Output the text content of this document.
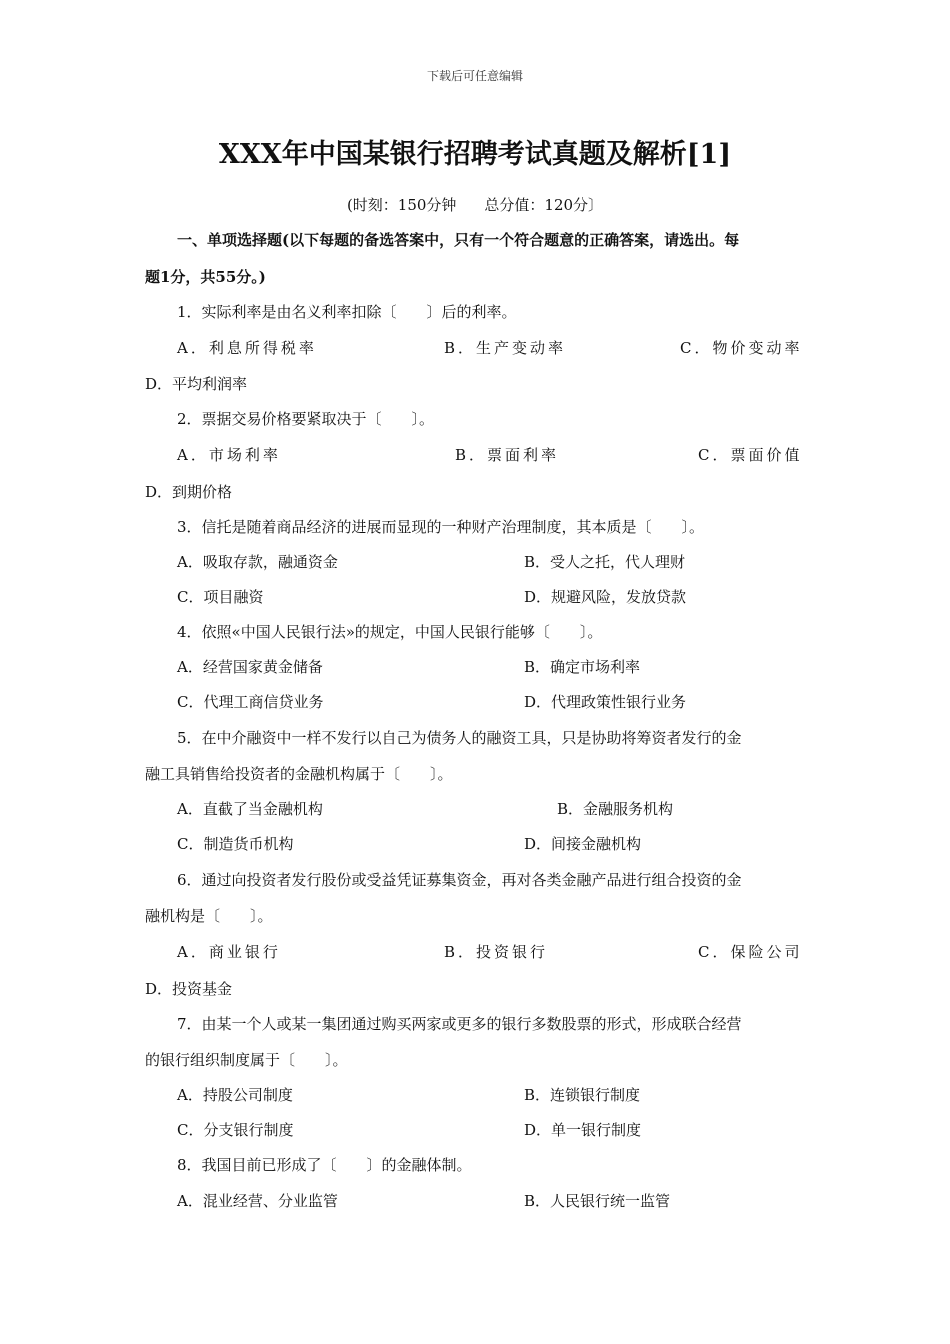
下载后可任意编辑
XXX年中国某银行招聘考试真题及解析[1]
(时刻：150分钟 总分值：120分〕
一、单项选择题(以下每题的备选答案中，只有一个符合题意的正确答案，请选出。每
题1分，共55分。)
1．实际利率是由名义利率扣除〔　　〕后的利率。
A．利息所得税率	B．生产变动率	C．物价变动率
D．平均利润率
2．票据交易价格要紧取决于〔　　〕。
A．市场利率	B．票面利率	C．票面价值
D．到期价格
3．信托是随着商品经济的进展而显现的一种财产治理制度，其本质是〔　　〕。
A．吸取存款，融通资金	B．受人之托，代人理财
C．项目融资	D．规避风险，发放贷款
4．依照«中国人民银行法»的规定，中国人民银行能够〔　　〕。
A．经营国家黄金储备	B．确定市场利率
C．代理工商信贷业务	D．代理政策性银行业务
5．在中介融资中一样不发行以自己为债务人的融资工具，只是协助将筹资者发行的金
融工具销售给投资者的金融机构属于〔　　〕。
A．直截了当金融机构	B．金融服务机构
C．制造货币机构	D．间接金融机构
6．通过向投资者发行股份或受益凭证募集资金，再对各类金融产品进行组合投资的金
融机构是〔　　〕。
A．商业银行	B．投资银行	C．保险公司
D．投资基金
7．由某一个人或某一集团通过购买两家或更多的银行多数股票的形式，形成联合经营
的银行组织制度属于〔　　〕。
A．持股公司制度	B．连锁银行制度
C．分支银行制度	D．单一银行制度
8．我国目前已形成了〔　　〕的金融体制。
A．混业经营、分业监管	B．人民银行统一监管
